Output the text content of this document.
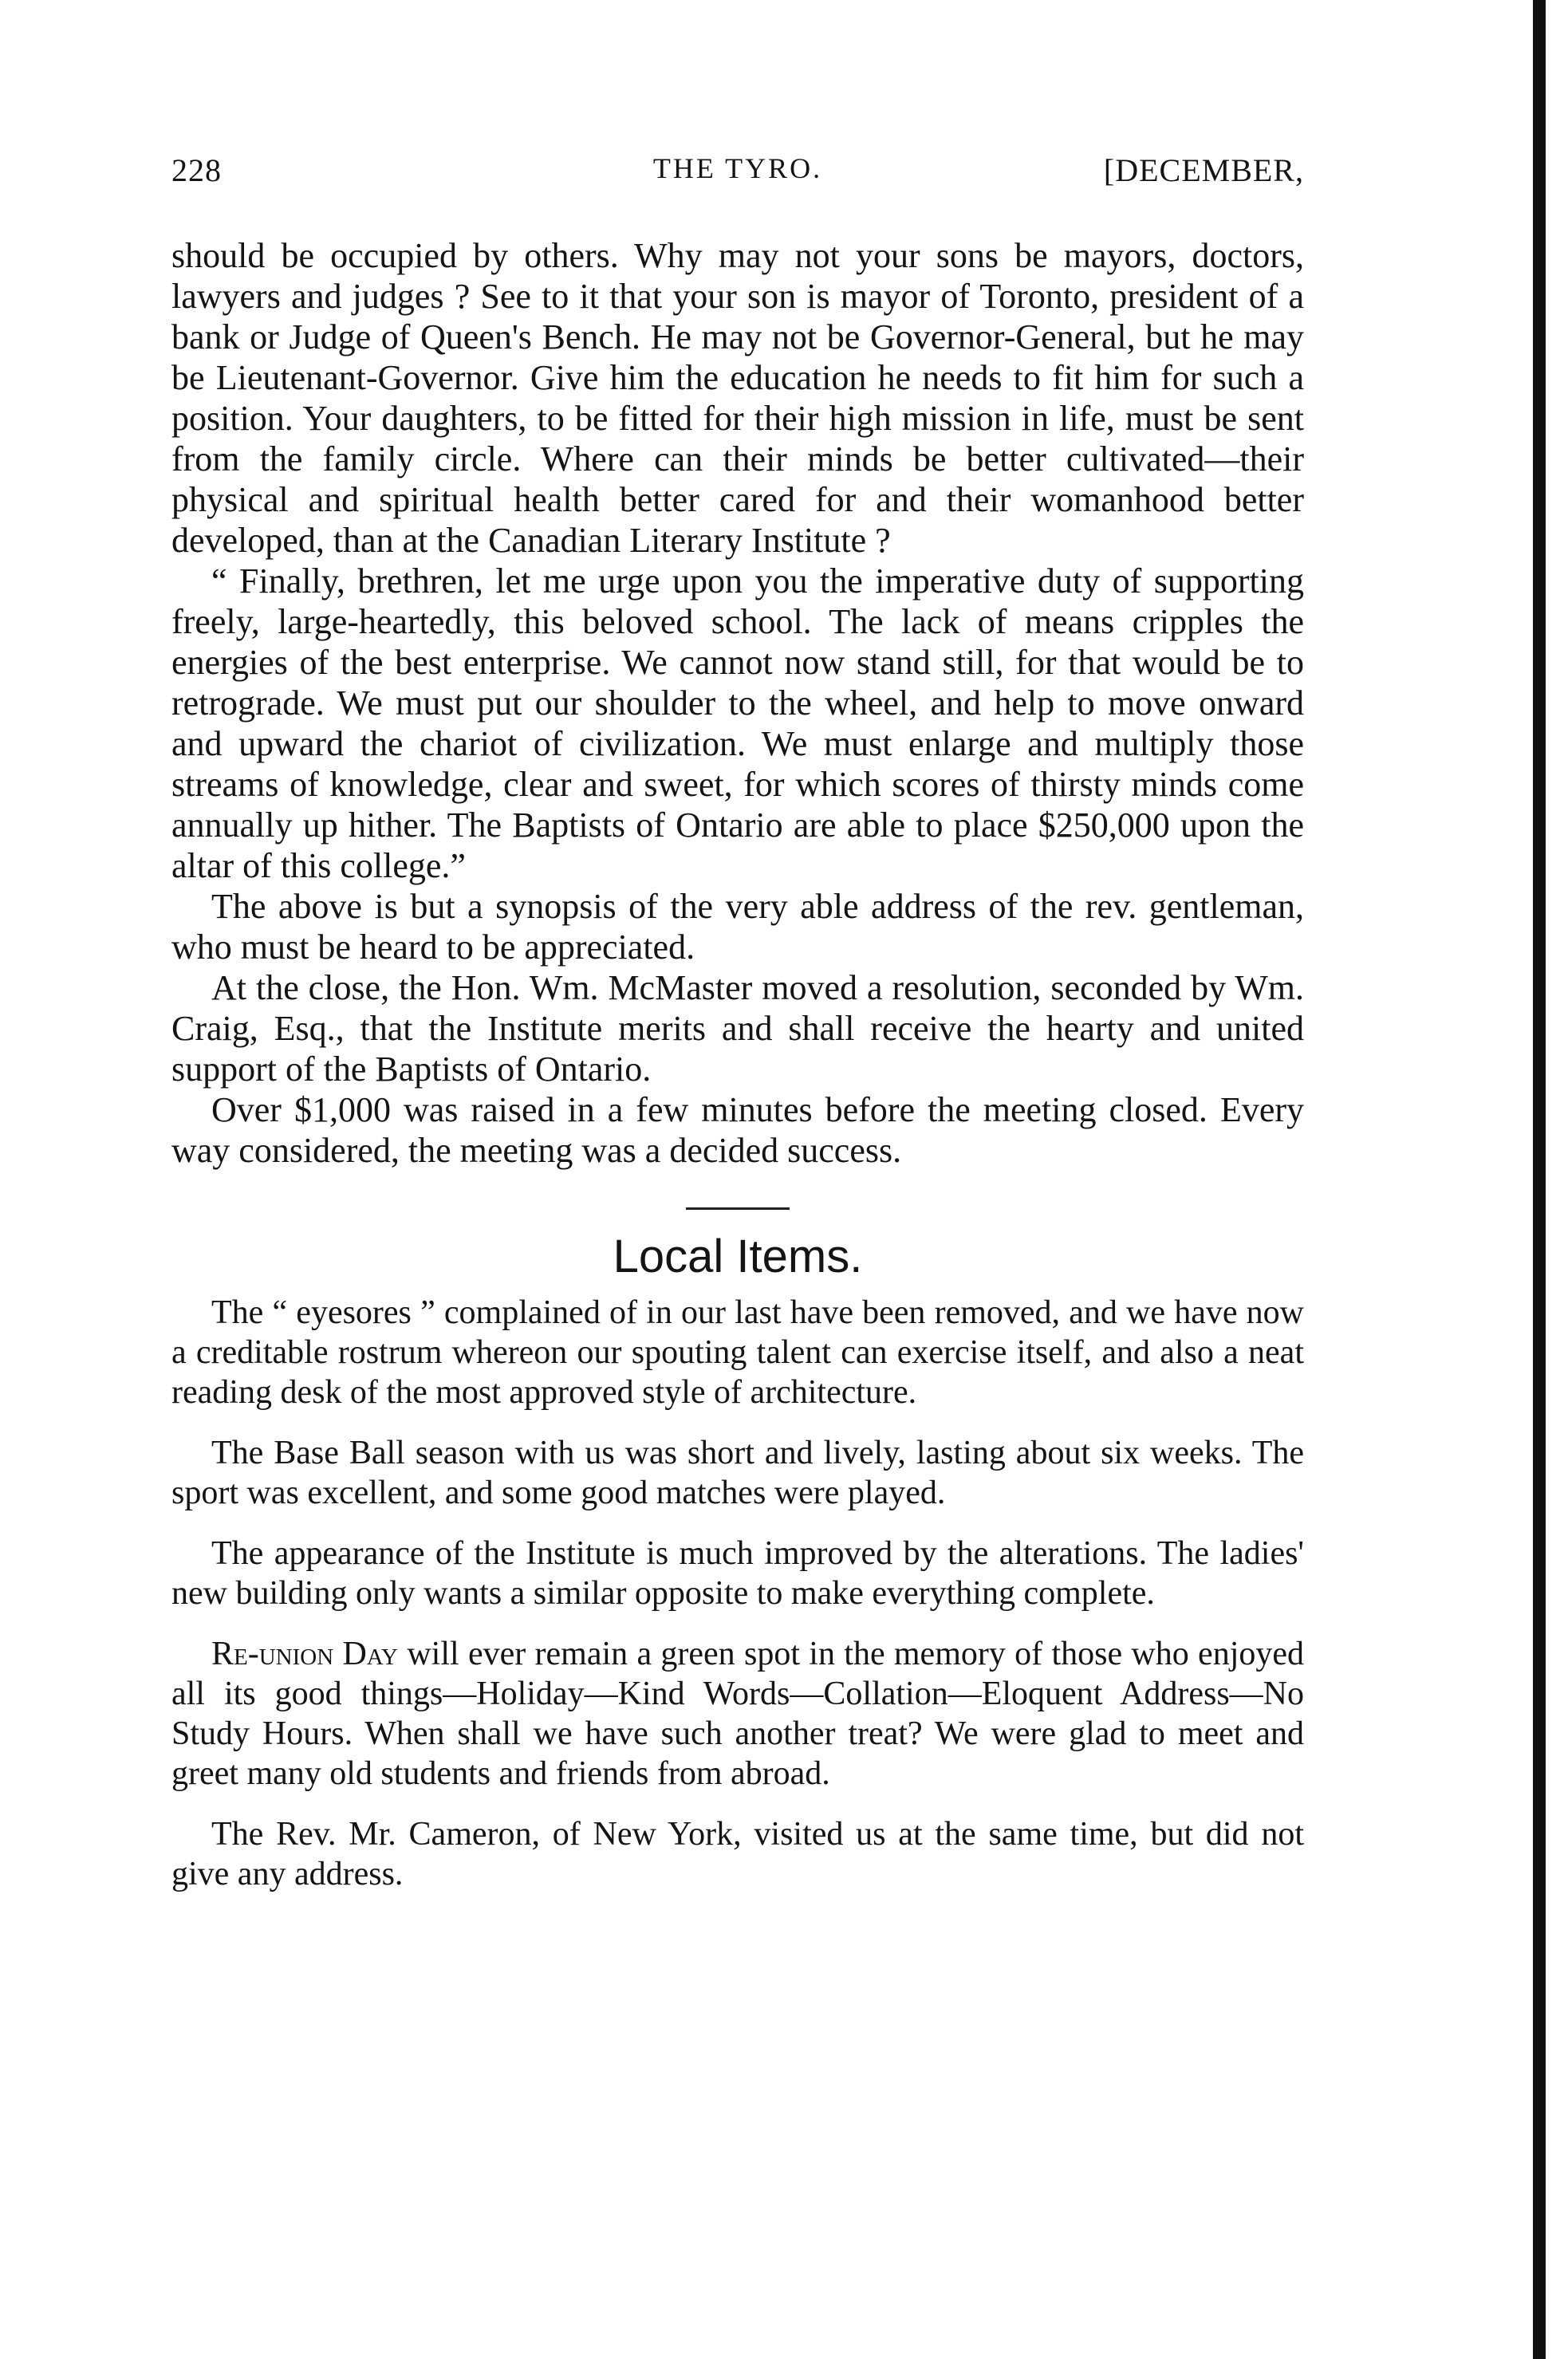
228	THE TYRO.	[DECEMBER,

should be occupied by others. Why may not your sons be mayors, doctors, lawyers and judges ? See to it that your son is mayor of Toronto, president of a bank or Judge of Queen's Bench. He may not be Governor-General, but he may be Lieutenant-Governor. Give him the education he needs to fit him for such a position. Your daughters, to be fitted for their high mission in life, must be sent from the family circle. Where can their minds be better cultivated—their physical and spiritual health better cared for and their womanhood better developed, than at the Canadian Literary Institute ?

“ Finally, brethren, let me urge upon you the imperative duty of supporting freely, large-heartedly, this beloved school. The lack of means cripples the energies of the best enterprise. We cannot now stand still, for that would be to retrograde. We must put our shoulder to the wheel, and help to move onward and upward the chariot of civilization. We must enlarge and multiply those streams of knowledge, clear and sweet, for which scores of thirsty minds come annually up hither. The Baptists of Ontario are able to place $250,000 upon the altar of this college.”

The above is but a synopsis of the very able address of the rev. gentleman, who must be heard to be appreciated.

At the close, the Hon. Wm. McMaster moved a resolution, seconded by Wm. Craig, Esq., that the Institute merits and shall receive the hearty and united support of the Baptists of Ontario.

Over $1,000 was raised in a few minutes before the meeting closed. Every way considered, the meeting was a decided success.

Local Items.

The “ eyesores ” complained of in our last have been removed, and we have now a creditable rostrum whereon our spouting talent can exercise itself, and also a neat reading desk of the most approved style of architecture.

The Base Ball season with us was short and lively, lasting about six weeks. The sport was excellent, and some good matches were played.

The appearance of the Institute is much improved by the alterations. The ladies' new building only wants a similar opposite to make everything complete.

Re-union Day will ever remain a green spot in the memory of those who enjoyed all its good things—Holiday—Kind Words—Collation—Eloquent Address—No Study Hours. When shall we have such another treat? We were glad to meet and greet many old students and friends from abroad.

The Rev. Mr. Cameron, of New York, visited us at the same time, but did not give any address.
